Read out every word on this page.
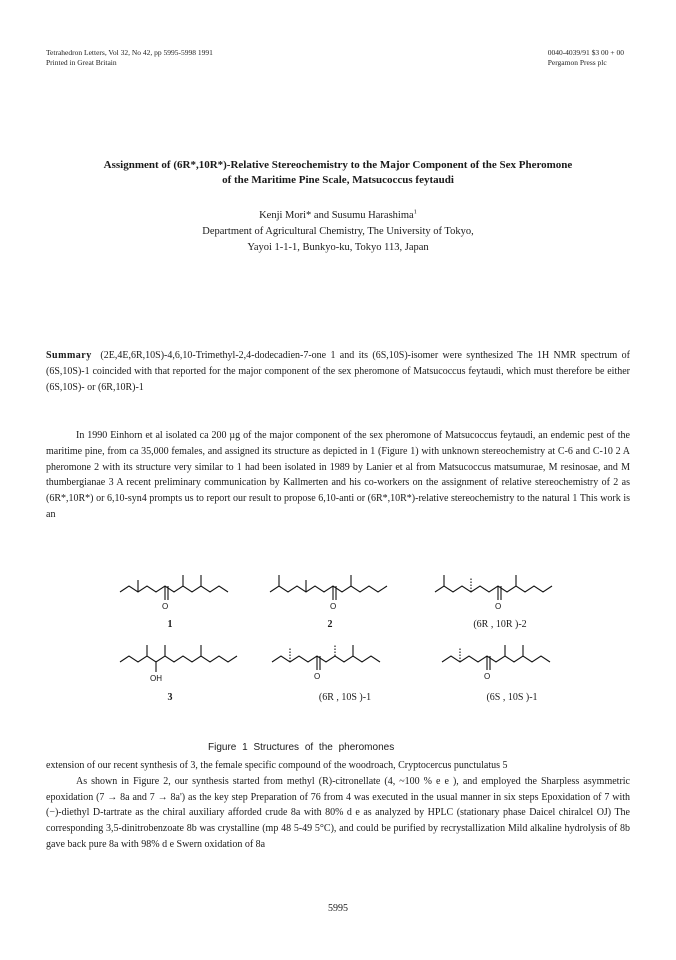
Tetrahedron Letters, Vol 32, No 42, pp 5995-5998 1991
Printed in Great Britain
0040-4039/91 $3 00 + 00
Pergamon Press plc
Assignment of (6R*,10R*)-Relative Stereochemistry to the Major Component of the Sex Pheromone
of the Maritime Pine Scale, Matsucoccus feytaudi
Kenji Mori* and Susumu Harashima$^1$
Department of Agricultural Chemistry, The University of Tokyo,
Yayoi 1-1-1, Bunkyo-ku, Tokyo 113, Japan

Summary (2E,4E,6R,10S)-4,6,10-Trimethyl-2,4-dodecadien-7-one 1 and its (6S,10S)-isomer were synthesized The 1H NMR spectrum of (6S,10S)-1 coincided with that reported for the major component of the sex pheromone of Matsucoccus feytaudi, which must therefore be either (6S,10S)- or (6R,10R)-1

In 1990 Einhorn et al isolated ca 200 µg of the major component of the sex pheromone of Matsucoccus feytaudi, an endemic pest of the maritime pine, from ca 35,000 females, and assigned its structure as depicted in 1 (Figure 1) with unknown stereochemistry at C-6 and C-10 2 A pheromone 2 with its structure very similar to 1 had been isolated in 1989 by Lanier et al from Matsucoccus matsumurae, M resinosae, and M thumbergianae 3 A recent preliminary communication by Kallmerten and his co-workers on the assignment of relative stereochemistry of 2 as (6R*,10R*) or 6,10-syn4 prompts us to report our result to propose 6,10-anti or (6R*,10R*)-relative stereochemistry to the natural 1 This work is an

O
1
O
2
O
(6R , 10R )-2
OH
3
O
(6R , 10S )-1
O
(6S , 10S )-1
Figure 1 Structures of the pheromones

extension of our recent synthesis of 3, the female specific compound of the woodroach, Cryptocercus punctulatus 5

As shown in Figure 2, our synthesis started from methyl (R)-citronellate (4, ~100 % e e ), and employed the Sharpless asymmetric epoxidation (7 → 8a and 7 → 8a') as the key step Preparation of 76 from 4 was executed in the usual manner in six steps Epoxidation of 7 with (−)-diethyl D-tartrate as the chiral auxiliary afforded crude 8a with 80% d e as analyzed by HPLC (stationary phase Daicel chiralcel OJ) The corresponding 3,5-dinitrobenzoate 8b was crystalline (mp 48 5-49 5°C), and could be purified by recrystallization Mild alkaline hydrolysis of 8b gave back pure 8a with 98% d e Swern oxidation of 8a

5995
